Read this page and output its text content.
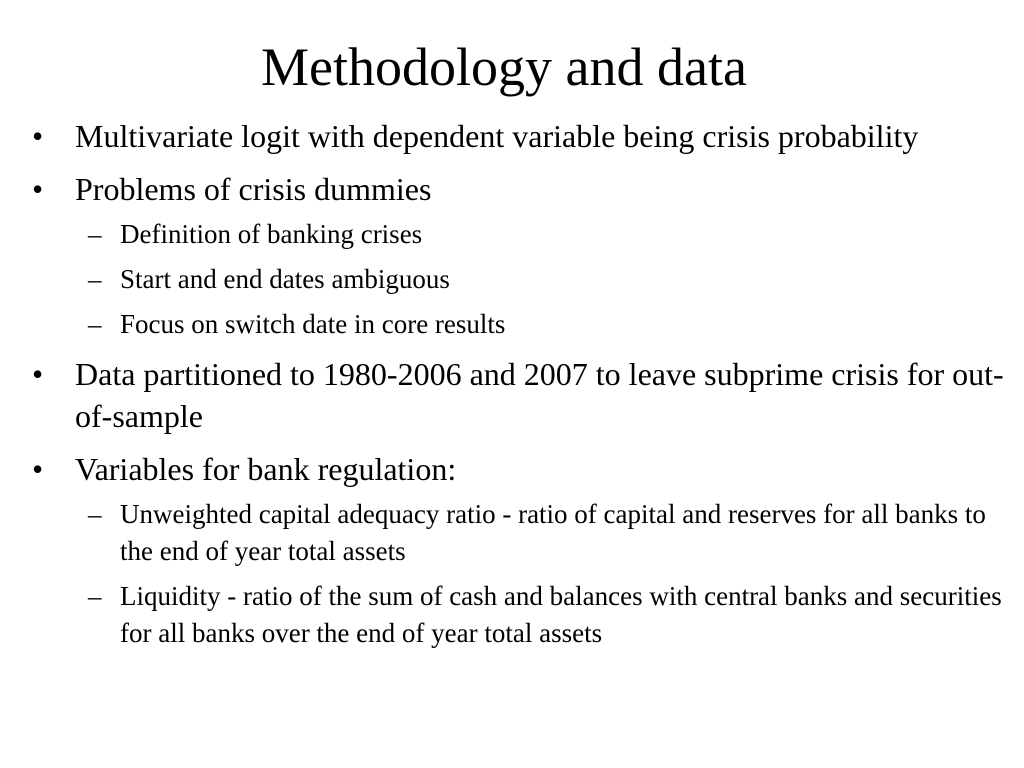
Methodology and data
• Multivariate logit with dependent variable being crisis probability
• Problems of crisis dummies
– Definition of banking crises
– Start and end dates ambiguous
– Focus on switch date in core results
• Data partitioned to 1980-2006 and 2007 to leave subprime crisis for out-of-sample
• Variables for bank regulation:
– Unweighted capital adequacy ratio - ratio of capital and reserves for all banks to the end of year total assets
– Liquidity - ratio of the sum of cash and balances with central banks and securities for all banks over the end of year total assets
